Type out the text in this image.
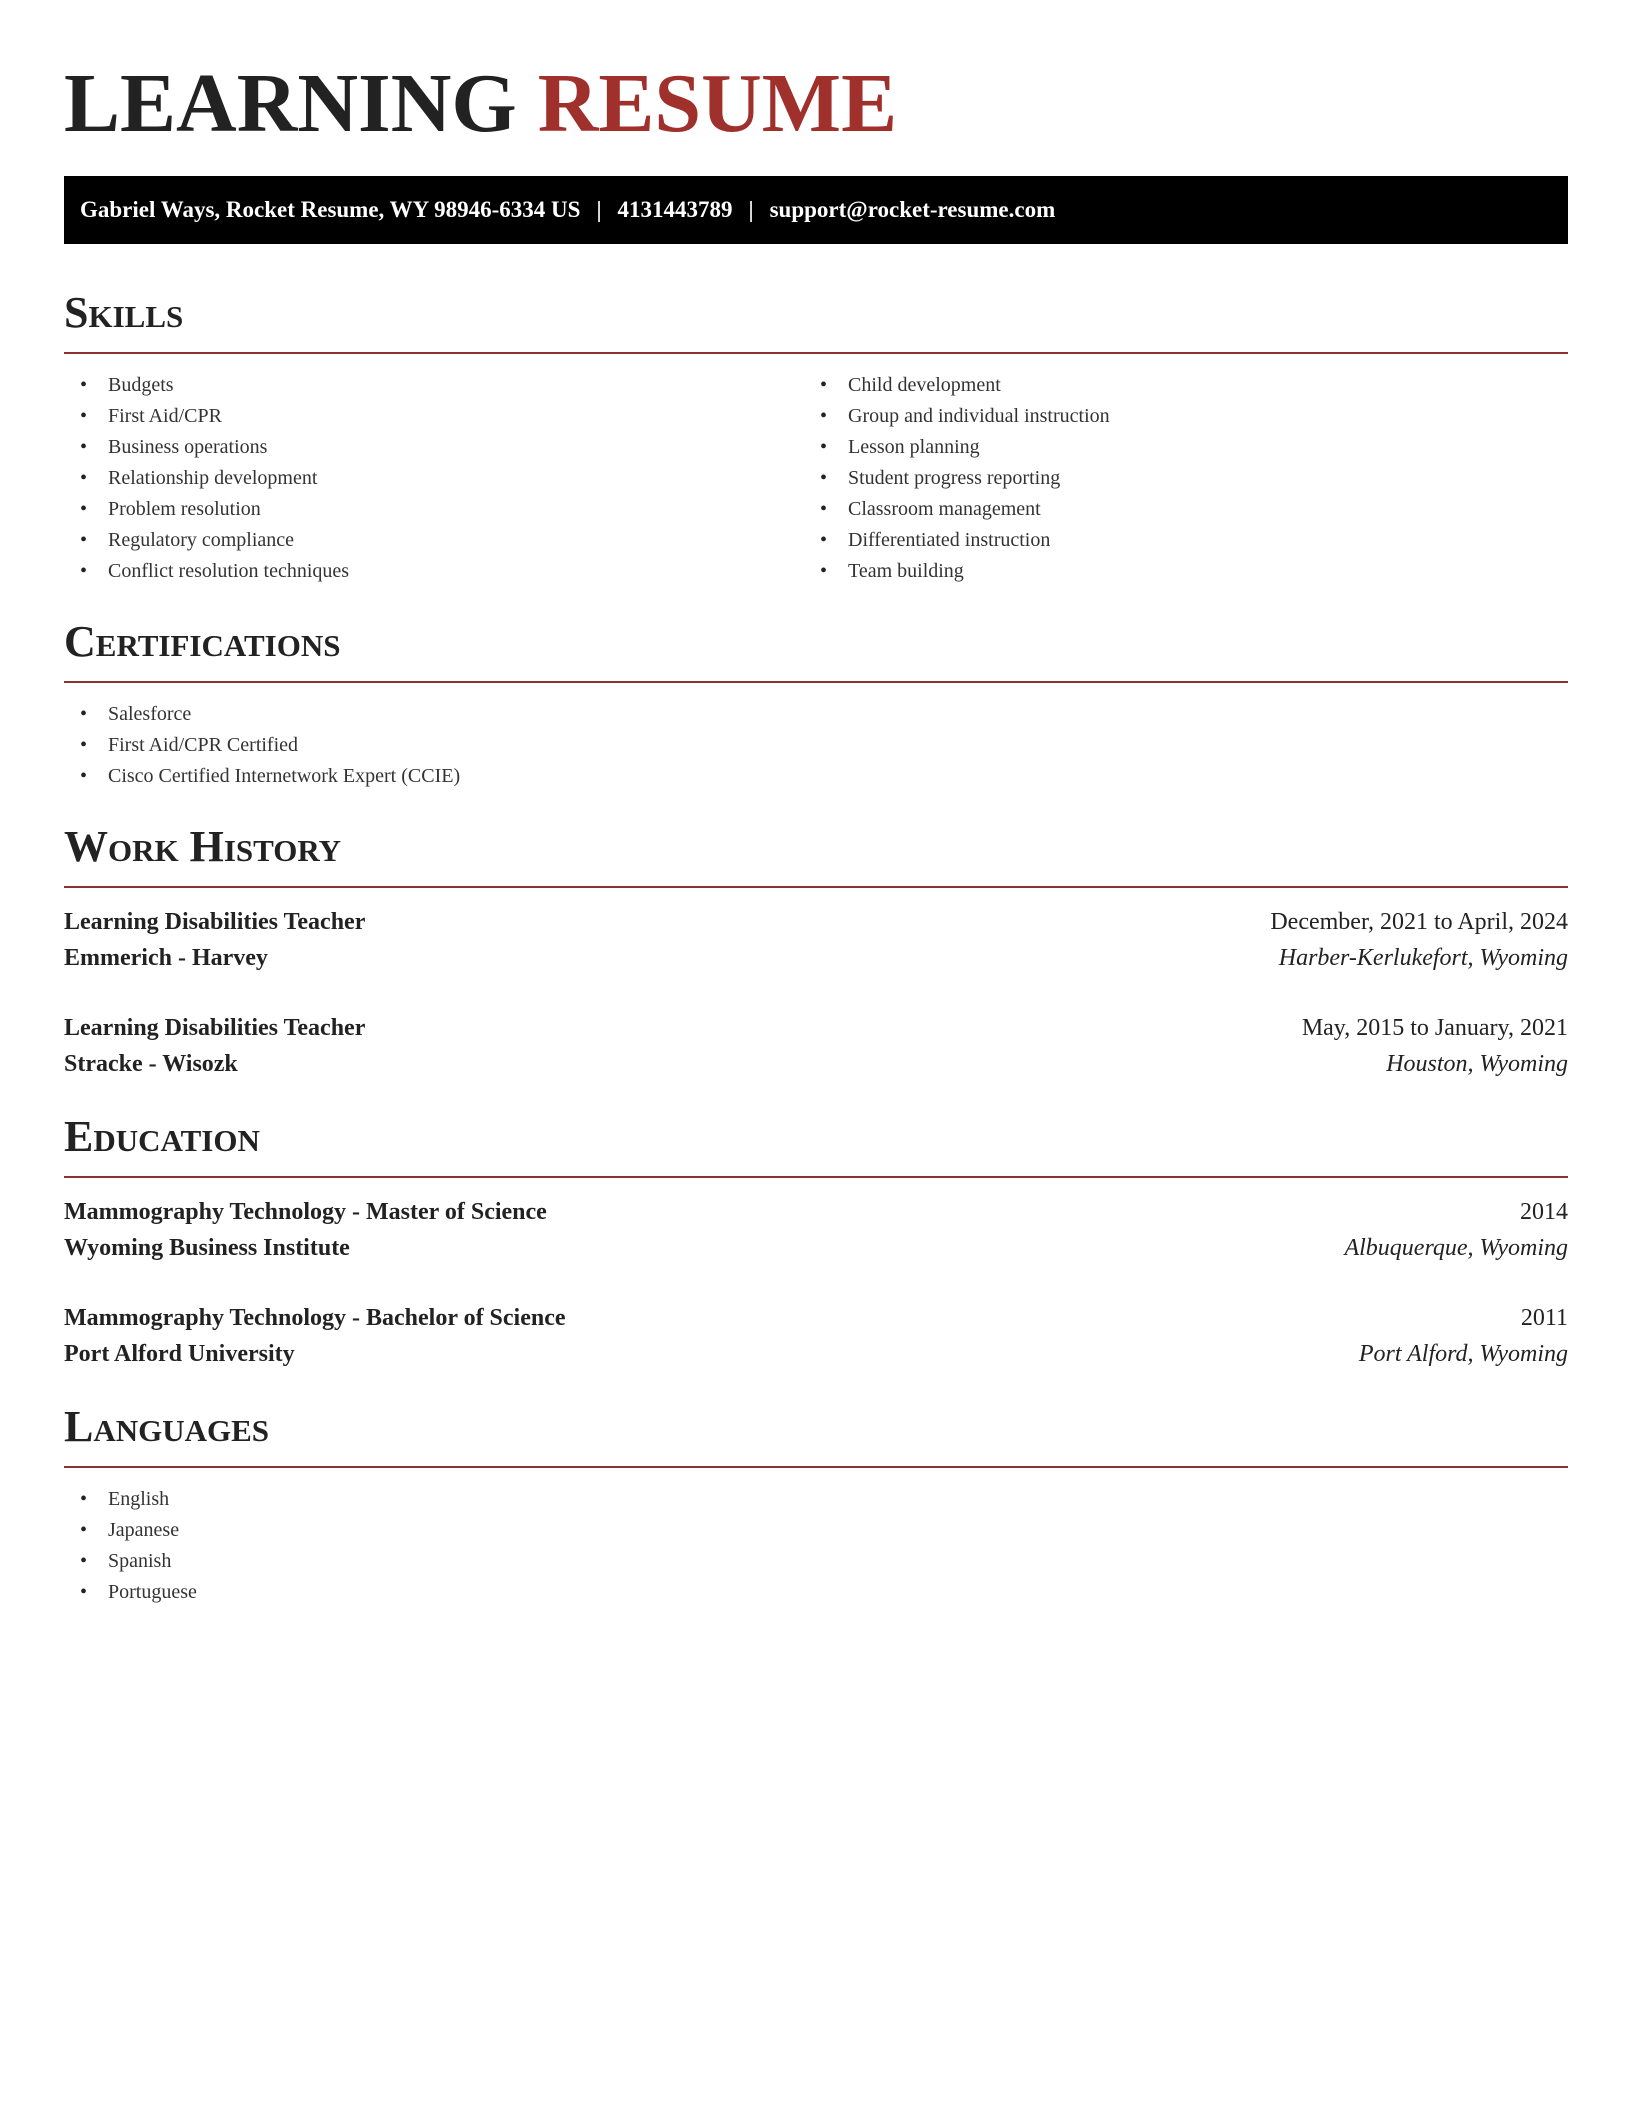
LEARNING RESUME
Gabriel Ways, Rocket Resume, WY 98946-6334 US | 4131443789 | support@rocket-resume.com
Skills
• Budgets
• First Aid/CPR
• Business operations
• Relationship development
• Problem resolution
• Regulatory compliance
• Conflict resolution techniques
• Child development
• Group and individual instruction
• Lesson planning
• Student progress reporting
• Classroom management
• Differentiated instruction
• Team building
Certifications
• Salesforce
• First Aid/CPR Certified
• Cisco Certified Internetwork Expert (CCIE)
Work History
Learning Disabilities Teacher	December, 2021 to April, 2024
Emmerich - Harvey	Harber-Kerlukefort, Wyoming
Learning Disabilities Teacher	May, 2015 to January, 2021
Stracke - Wisozk	Houston, Wyoming
Education
Mammography Technology - Master of Science	2014
Wyoming Business Institute	Albuquerque, Wyoming
Mammography Technology - Bachelor of Science	2011
Port Alford University	Port Alford, Wyoming
Languages
• English
• Japanese
• Spanish
• Portuguese
